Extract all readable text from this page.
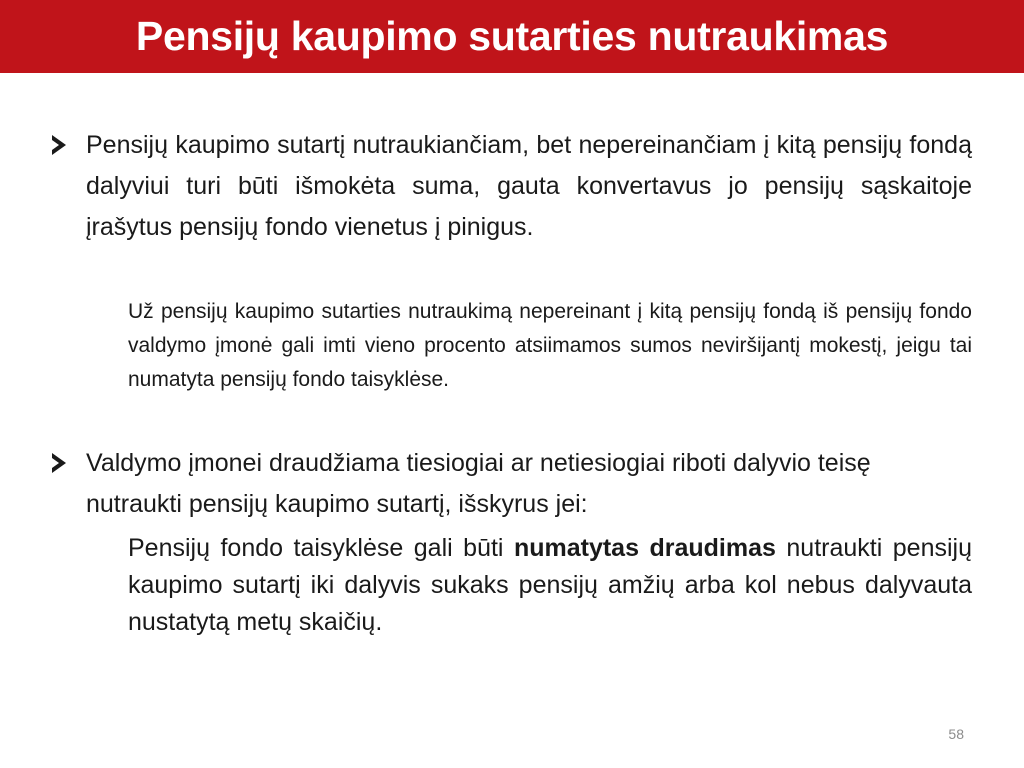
Pensijų kaupimo sutarties nutraukimas

Pensijų kaupimo sutartį nutraukiančiam, bet nepereinančiam į kitą pensijų fondą dalyviui turi būti išmokėta suma, gauta konvertavus jo pensijų sąskaitoje įrašytus pensijų fondo vienetus į pinigus.

Už pensijų kaupimo sutarties nutraukimą nepereinant į kitą pensijų fondą iš pensijų fondo valdymo įmonė gali imti vieno procento atsiimamos sumos neviršijantį mokestį, jeigu tai numatyta pensijų fondo taisyklėse.

Valdymo įmonei draudžiama tiesiogiai ar netiesiogiai riboti dalyvio teisę nutraukti pensijų kaupimo sutartį, išskyrus jei:

Pensijų fondo taisyklėse gali būti numatytas draudimas nutraukti pensijų kaupimo sutartį iki dalyvis sukaks pensijų amžių arba kol nebus dalyvauta nustatytą metų skaičių.

58
